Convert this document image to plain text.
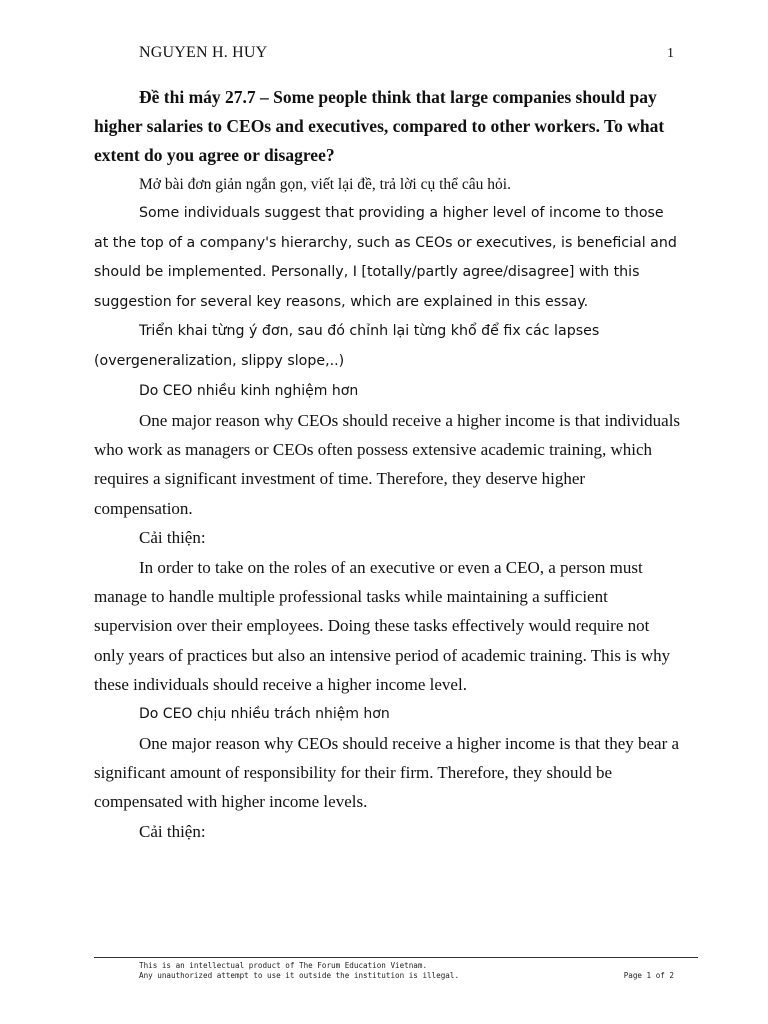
NGUYEN H. HUY	1

Đề thi máy 27.7 – Some people think that large companies should pay higher salaries to CEOs and executives, compared to other workers. To what extent do you agree or disagree?

Mở bài đơn giản ngắn gọn, viết lại đề, trả lời cụ thể câu hỏi.

Some individuals suggest that providing a higher level of income to those at the top of a company's hierarchy, such as CEOs or executives, is beneficial and should be implemented. Personally, I [totally/partly agree/disagree] with this suggestion for several key reasons, which are explained in this essay.

Triển khai từng ý đơn, sau đó chỉnh lại từng khổ để fix các lapses (overgeneralization, slippy slope,..)

Do CEO nhiều kinh nghiệm hơn

One major reason why CEOs should receive a higher income is that individuals who work as managers or CEOs often possess extensive academic training, which requires a significant investment of time. Therefore, they deserve higher compensation.

Cải thiện:

In order to take on the roles of an executive or even a CEO, a person must manage to handle multiple professional tasks while maintaining a sufficient supervision over their employees. Doing these tasks effectively would require not only years of practices but also an intensive period of academic training. This is why these individuals should receive a higher income level.

Do CEO chịu nhiều trách nhiệm hơn

One major reason why CEOs should receive a higher income is that they bear a significant amount of responsibility for their firm. Therefore, they should be compensated with higher income levels.

Cải thiện:

This is an intellectual product of The Forum Education Vietnam.
Any unauthorized attempt to use it outside the institution is illegal.	Page 1 of 2
